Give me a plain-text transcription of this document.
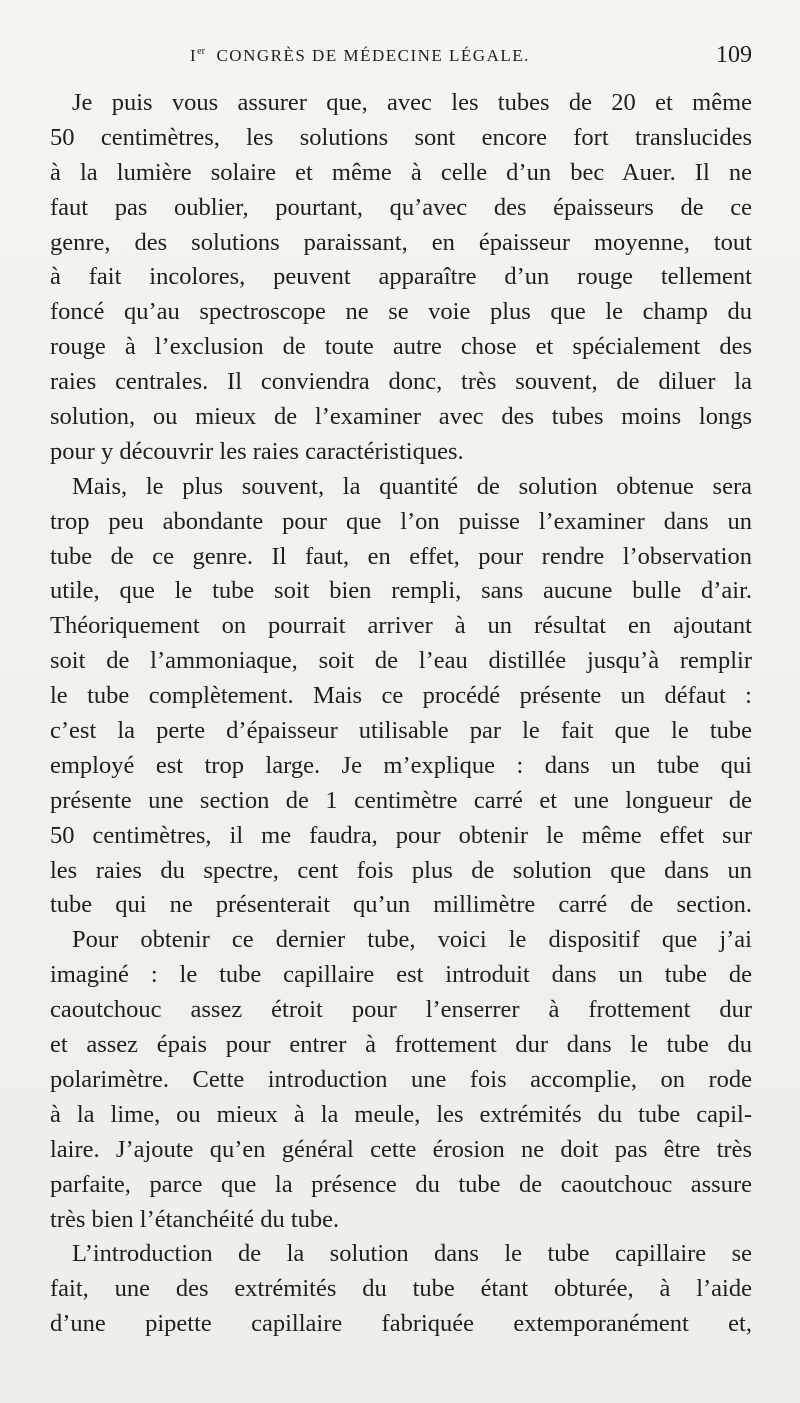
Ier CONGRÈS DE MÉDECINE LÉGALE.	109
Je puis vous assurer que, avec les tubes de 20 et même
50 centimètres, les solutions sont encore fort translucides
à la lumière solaire et même à celle d’un bec Auer. Il ne
faut pas oublier, pourtant, qu’avec des épaisseurs de ce
genre, des solutions paraissant, en épaisseur moyenne, tout
à fait incolores, peuvent apparaître d’un rouge tellement
foncé qu’au spectroscope ne se voie plus que le champ du
rouge à l’exclusion de toute autre chose et spécialement des
raies centrales. Il conviendra donc, très souvent, de diluer la
solution, ou mieux de l’examiner avec des tubes moins longs
pour y découvrir les raies caractéristiques.
Mais, le plus souvent, la quantité de solution obtenue sera
trop peu abondante pour que l’on puisse l’examiner dans un
tube de ce genre. Il faut, en effet, pour rendre l’observation
utile, que le tube soit bien rempli, sans aucune bulle d’air.
Théoriquement on pourrait arriver à un résultat en ajoutant
soit de l’ammoniaque, soit de l’eau distillée jusqu’à remplir
le tube complètement. Mais ce procédé présente un défaut :
c’est la perte d’épaisseur utilisable par le fait que le tube
employé est trop large. Je m’explique : dans un tube qui
présente une section de 1 centimètre carré et une longueur de
50 centimètres, il me faudra, pour obtenir le même effet sur
les raies du spectre, cent fois plus de solution que dans un
tube qui ne présenterait qu’un millimètre carré de section.
Pour obtenir ce dernier tube, voici le dispositif que j’ai
imaginé : le tube capillaire est introduit dans un tube de
caoutchouc assez étroit pour l’enserrer à frottement dur
et assez épais pour entrer à frottement dur dans le tube du
polarimètre. Cette introduction une fois accomplie, on rode
à la lime, ou mieux à la meule, les extrémités du tube capil-
laire. J’ajoute qu’en général cette érosion ne doit pas être très
parfaite, parce que la présence du tube de caoutchouc assure
très bien l’étanchéité du tube.
L’introduction de la solution dans le tube capillaire se
fait, une des extrémités du tube étant obturée, à l’aide
d’une pipette capillaire fabriquée extemporanément et,
